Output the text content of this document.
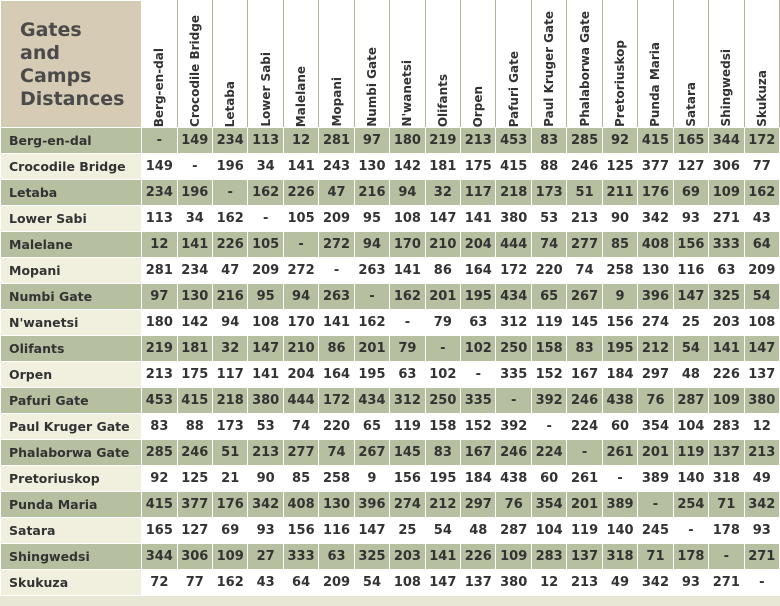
Gates
and
Camps
Distances	Berg-en-dal	Crocodile Bridge	Letaba	Lower Sabi	Malelane	Mopani	Numbi Gate	N'wanetsi	Olifants	Orpen	Pafuri Gate	Paul Kruger Gate	Phalaborwa Gate	Pretoriuskop	Punda Maria	Satara	Shingwedsi	Skukuza

Berg-en-dal	-	149	234	113	12	281	97	180	219	213	453	83	285	92	415	165	344	172
Crocodile Bridge	149	-	196	34	141	243	130	142	181	175	415	88	246	125	377	127	306	77
Letaba	234	196	-	162	226	47	216	94	32	117	218	173	51	211	176	69	109	162
Lower Sabi	113	34	162	-	105	209	95	108	147	141	380	53	213	90	342	93	271	43
Malelane	12	141	226	105	-	272	94	170	210	204	444	74	277	85	408	156	333	64
Mopani	281	234	47	209	272	-	263	141	86	164	172	220	74	258	130	116	63	209
Numbi Gate	97	130	216	95	94	263	-	162	201	195	434	65	267	9	396	147	325	54
N'wanetsi	180	142	94	108	170	141	162	-	79	63	312	119	145	156	274	25	203	108
Olifants	219	181	32	147	210	86	201	79	-	102	250	158	83	195	212	54	141	147
Orpen	213	175	117	141	204	164	195	63	102	-	335	152	167	184	297	48	226	137
Pafuri Gate	453	415	218	380	444	172	434	312	250	335	-	392	246	438	76	287	109	380
Paul Kruger Gate	83	88	173	53	74	220	65	119	158	152	392	-	224	60	354	104	283	12
Phalaborwa Gate	285	246	51	213	277	74	267	145	83	167	246	224	-	261	201	119	137	213
Pretoriuskop	92	125	21	90	85	258	9	156	195	184	438	60	261	-	389	140	318	49
Punda Maria	415	377	176	342	408	130	396	274	212	297	76	354	201	389	-	254	71	342
Satara	165	127	69	93	156	116	147	25	54	48	287	104	119	140	245	-	178	93
Shingwedsi	344	306	109	27	333	63	325	203	141	226	109	283	137	318	71	178	-	271
Skukuza	72	77	162	43	64	209	54	108	147	137	380	12	213	49	342	93	271	-
